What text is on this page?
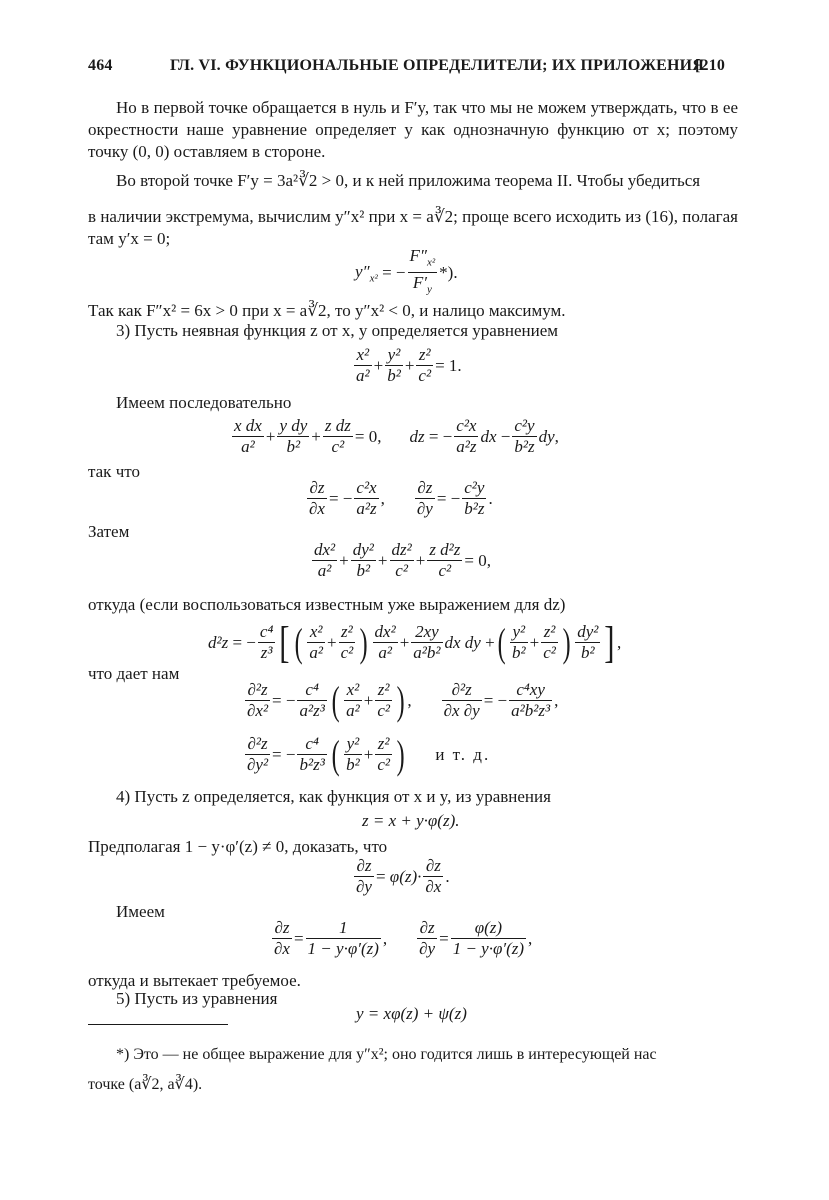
464	ГЛ. VI. ФУНКЦИОНАЛЬНЫЕ ОПРЕДЕЛИТЕЛИ; ИХ ПРИЛОЖЕНИЯ
[210
Но в первой точке обращается в нуль и F′y, так что мы не можем утверждать, что в ее окрестности наше уравнение определяет y как однозначную функцию от x; поэтому точку (0, 0) оставляем в стороне.
Во второй точке F′y = 3a²∛2 > 0, и к ней приложима теорема II. Чтобы убедиться
в наличии экстремума, вычислим y″x² при x = a∛2; проще всего исходить из (16), полагая там y′x = 0;
$y''_{x^2}$ = −
$F''_{x^2}$
$F'_y$
*).
Так как F″x² = 6x > 0 при x = a∛2, то y″x² < 0, и налицо максимум.
3) Пусть неявная функция z от x, y определяется уравнением
x²
a²
+
y²
b²
+
z²
c²
= 1.
Имеем последовательно
x dx
a²
+
y dy
b²
+
z dz
c²
= 0, dz = −
c²x
a²z
dx −
c²y
b²z
dy ,
так что
∂z
∂x
= −
c²x
a²z
,
∂z
∂y
= −
c²y
b²z
.
Затем
dx²
a²
+
dy²
b²
+
dz²
c²
+
z d²z
c²
= 0,
откуда (если воспользоваться известным уже выражением для dz)
d²z = −
c⁴
z³ [ ( x²
a²
+
z²
c² ) dx²
a²
+
2xy
a²b²
dx dy + ( y²
b²
+
z²
c² ) dy²
b² ] ,
что дает нам
∂²z
∂x²
= −
c⁴
a²z³ ( x²
a²
+
z²
c² ) ,
∂²z
∂x ∂y
= −
c⁴xy
a²b²z³
,
∂²z
∂y²
= −
c⁴
b²z³ ( y²
b²
+
z²
c² ) и т. д.
4) Пусть z определяется, как функция от x и y, из уравнения
z = x + y·φ(z).
Предполагая 1 − y·φ′(z) ≠ 0, доказать, что
∂z
∂y
= φ(z)·
∂z
∂x
.
Имеем
∂z
∂x
=
1
1 − y·φ′(z)
,
∂z
∂y
=
φ(z)
1 − y·φ′(z)
,
откуда и вытекает требуемое.
5) Пусть из уравнения
y = xφ(z) + ψ(z)
*) Это — не общее выражение для y″x²; оно годится лишь в интересующей нас
точке (a∛2, a∛4).
